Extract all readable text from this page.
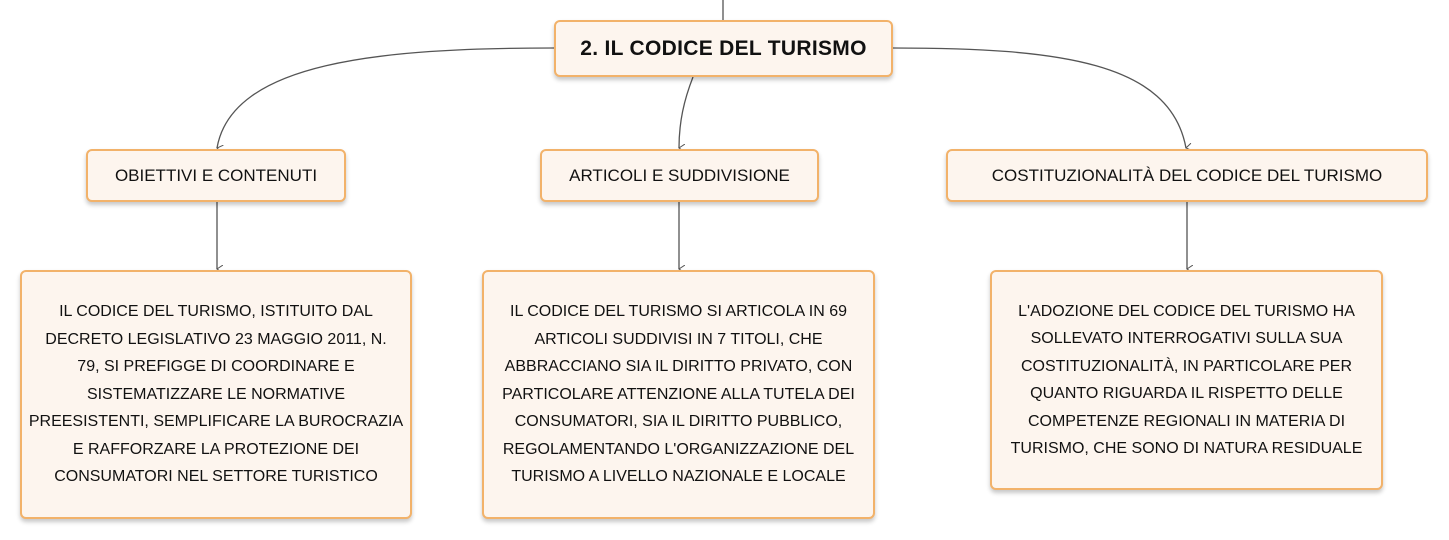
2. IL CODICE DEL TURISMO
OBIETTIVI E CONTENUTI	ARTICOLI E SUDDIVISIONE	COSTITUZIONALITÀ DEL CODICE DEL TURISMO
IL CODICE DEL TURISMO, ISTITUITO DAL
DECRETO LEGISLATIVO 23 MAGGIO 2011, N.
79, SI PREFIGGE DI COORDINARE E
SISTEMATIZZARE LE NORMATIVE
PREESISTENTI, SEMPLIFICARE LA BUROCRAZIA
E RAFFORZARE LA PROTEZIONE DEI
CONSUMATORI NEL SETTORE TURISTICO
IL CODICE DEL TURISMO SI ARTICOLA IN 69
ARTICOLI SUDDIVISI IN 7 TITOLI, CHE
ABBRACCIANO SIA IL DIRITTO PRIVATO, CON
PARTICOLARE ATTENZIONE ALLA TUTELA DEI
CONSUMATORI, SIA IL DIRITTO PUBBLICO,
REGOLAMENTANDO L'ORGANIZZAZIONE DEL
TURISMO A LIVELLO NAZIONALE E LOCALE
L'ADOZIONE DEL CODICE DEL TURISMO HA
SOLLEVATO INTERROGATIVI SULLA SUA
COSTITUZIONALITÀ, IN PARTICOLARE PER
QUANTO RIGUARDA IL RISPETTO DELLE
COMPETENZE REGIONALI IN MATERIA DI
TURISMO, CHE SONO DI NATURA RESIDUALE
